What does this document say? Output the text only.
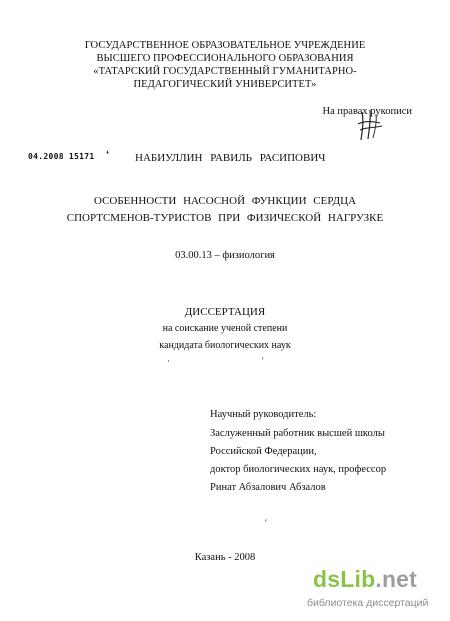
ГОСУДАРСТВЕННОЕ ОБРАЗОВАТЕЛЬНОЕ УЧРЕЖДЕНИЕ
ВЫСШЕГО ПРОФЕССИОНАЛЬНОГО ОБРАЗОВАНИЯ
«ТАТАРСКИЙ ГОСУДАРСТВЕННЫЙ ГУМАНИТАРНО-
ПЕДАГОГИЧЕСКИЙ УНИВЕРСИТЕТ»
На правах рукописи
04.2008 15171 ❛ НАБИУЛЛИН РАВИЛЬ РАСИПОВИЧ
ОСОБЕННОСТИ НАСОСНОЙ ФУНКЦИИ СЕРДЦА
СПОРТСМЕНОВ-ТУРИСТОВ ПРИ ФИЗИЧЕСКОЙ НАГРУЗКЕ
03.00.13 – физиология
ДИССЕРТАЦИЯ
на соискание ученой степени
кандидата биологических наук
·	'
Научный руководитель:
Заслуженный работник высшей школы
Российской Федерации,
доктор биологических наук, профессор
Ринат Абзалович Абзалов
'
Казань - 2008
dsLib.net
библиотека диссертаций
